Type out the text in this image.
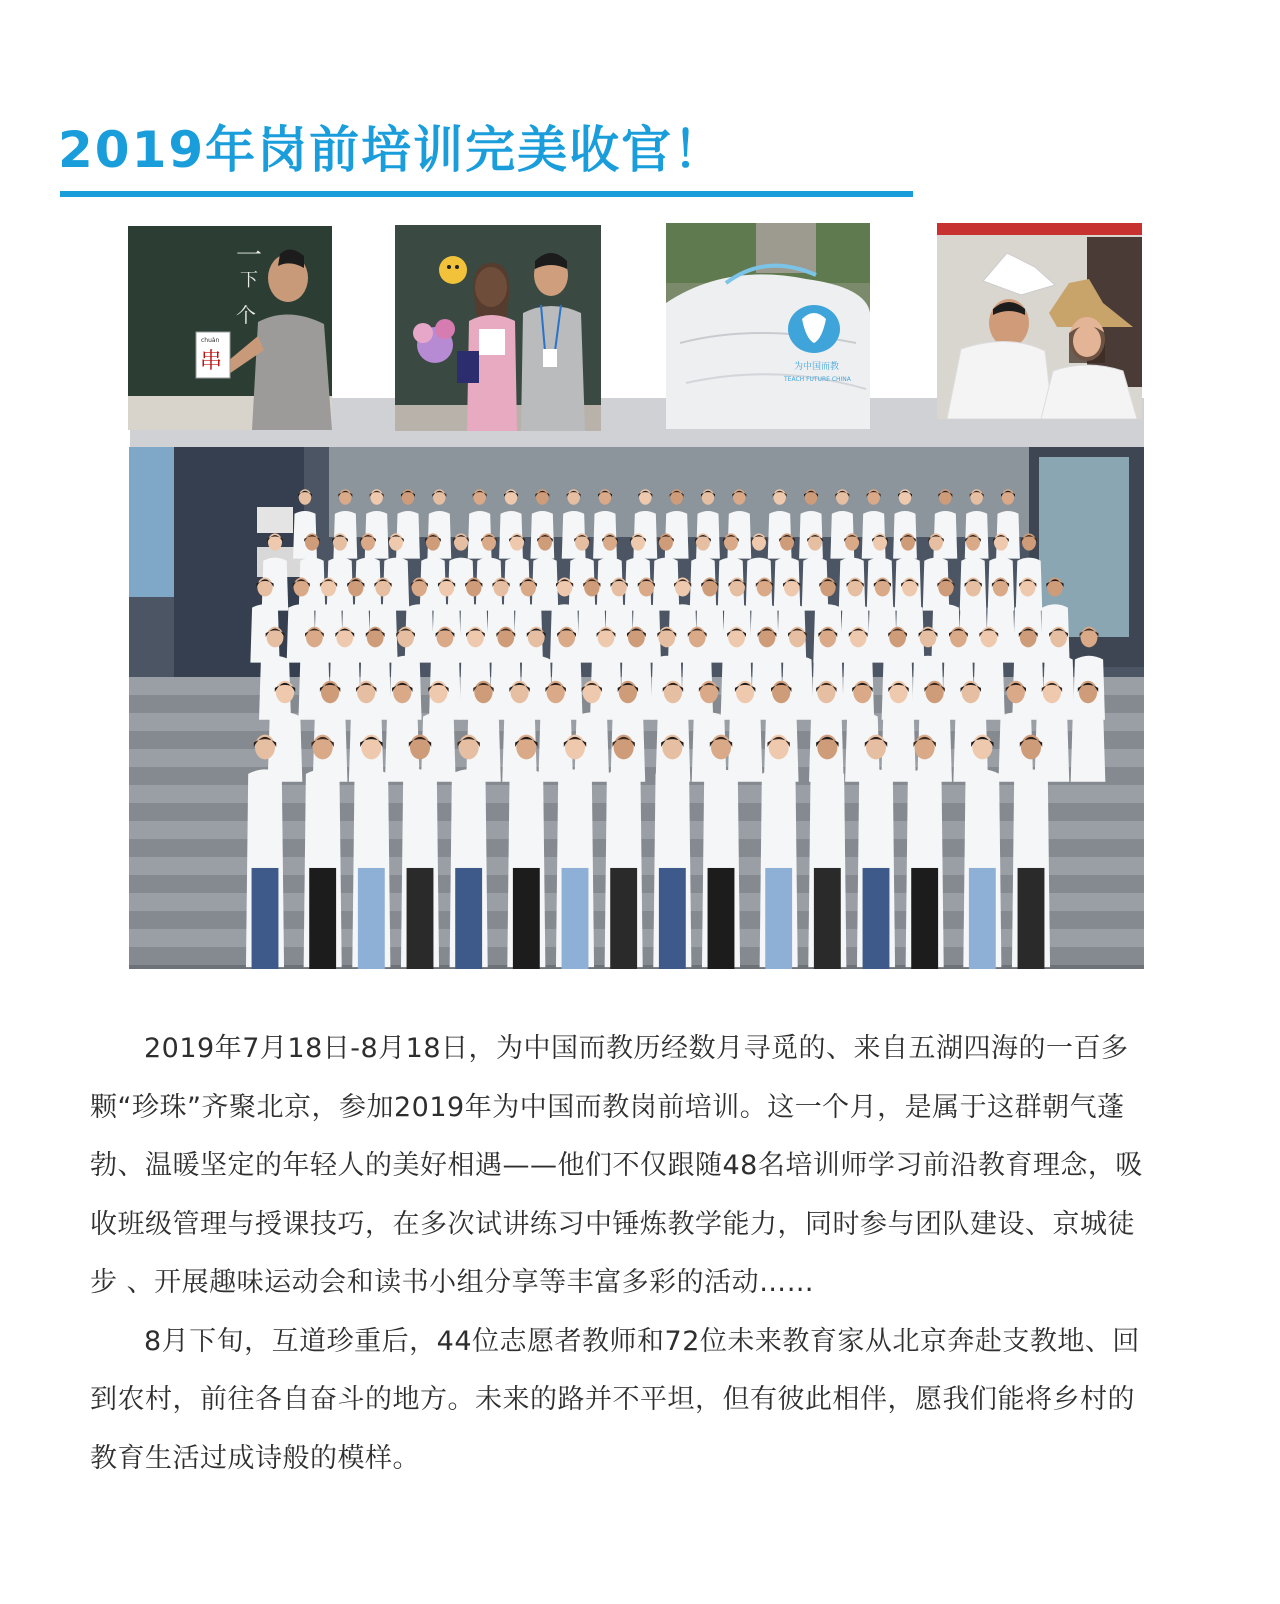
2019年岗前培训完美收官！
一
下
个
chuàn
串	为中国而教
TEACH FUTURE CHINA

2019年7月18日-8月18日，为中国而教历经数月寻觅的、来自五湖四海的一百多颗“珍珠”齐聚北京，参加2019年为中国而教岗前培训。这一个月，是属于这群朝气蓬勃、温暖坚定的年轻人的美好相遇——他们不仅跟随48名培训师学习前沿教育理念，吸收班级管理与授课技巧，在多次试讲练习中锤炼教学能力，同时参与团队建设、京城徒步 、开展趣味运动会和读书小组分享等丰富多彩的活动……

8月下旬，互道珍重后，44位志愿者教师和72位未来教育家从北京奔赴支教地、回到农村，前往各自奋斗的地方。未来的路并不平坦，但有彼此相伴，愿我们能将乡村的教育生活过成诗般的模样。
